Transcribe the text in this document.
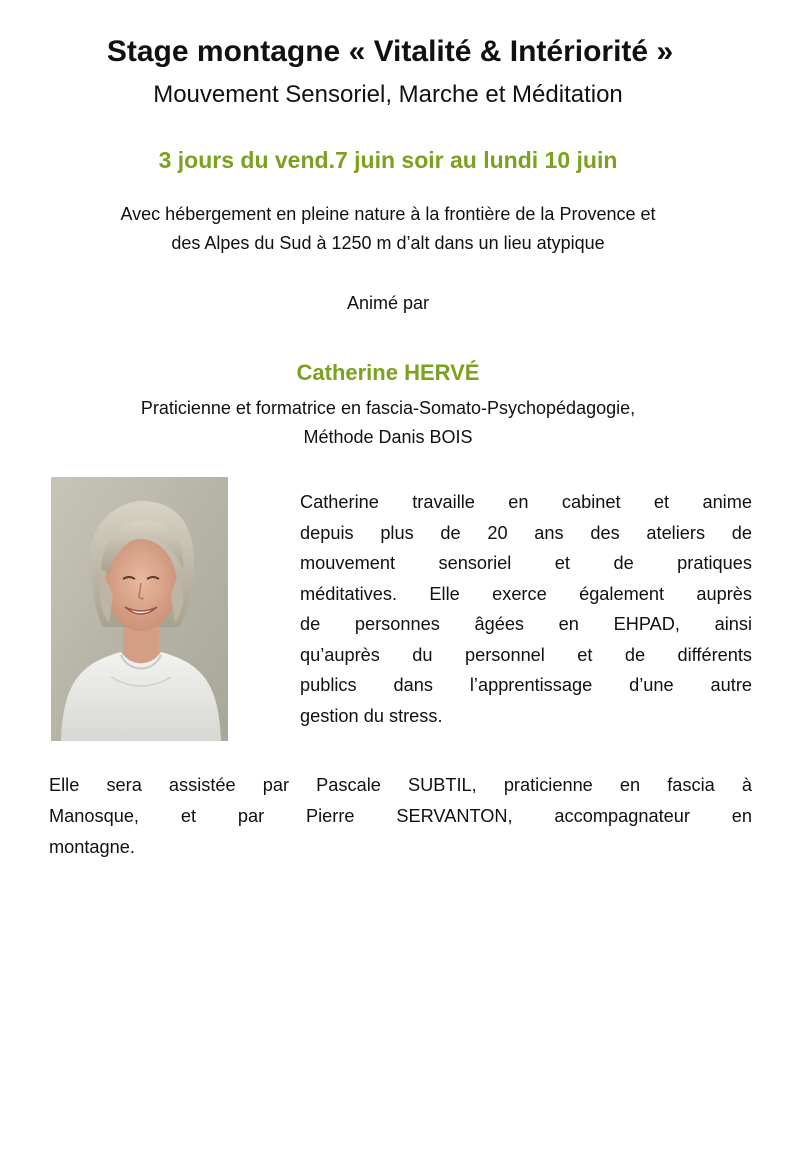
Stage montagne « Vitalité & Intériorité »
Mouvement Sensoriel, Marche et Méditation
3 jours du vend.7 juin soir au lundi 10 juin
Avec hébergement en pleine nature à la frontière de la Provence et
des Alpes du Sud à 1250 m d’alt dans un lieu atypique
Animé par
Catherine HERVÉ
Praticienne et formatrice en fascia-Somato-Psychopédagogie,
Méthode Danis BOIS
Catherine travaille en cabinet et anime
depuis plus de 20 ans des ateliers de
mouvement sensoriel et de pratiques
méditatives. Elle exerce également auprès
de personnes âgées en EHPAD, ainsi
qu’auprès du personnel et de différents
publics dans l’apprentissage d’une autre
gestion du stress.
Elle sera assistée par Pascale SUBTIL, praticienne en fascia à
Manosque, et par Pierre SERVANTON, accompagnateur en
montagne.
